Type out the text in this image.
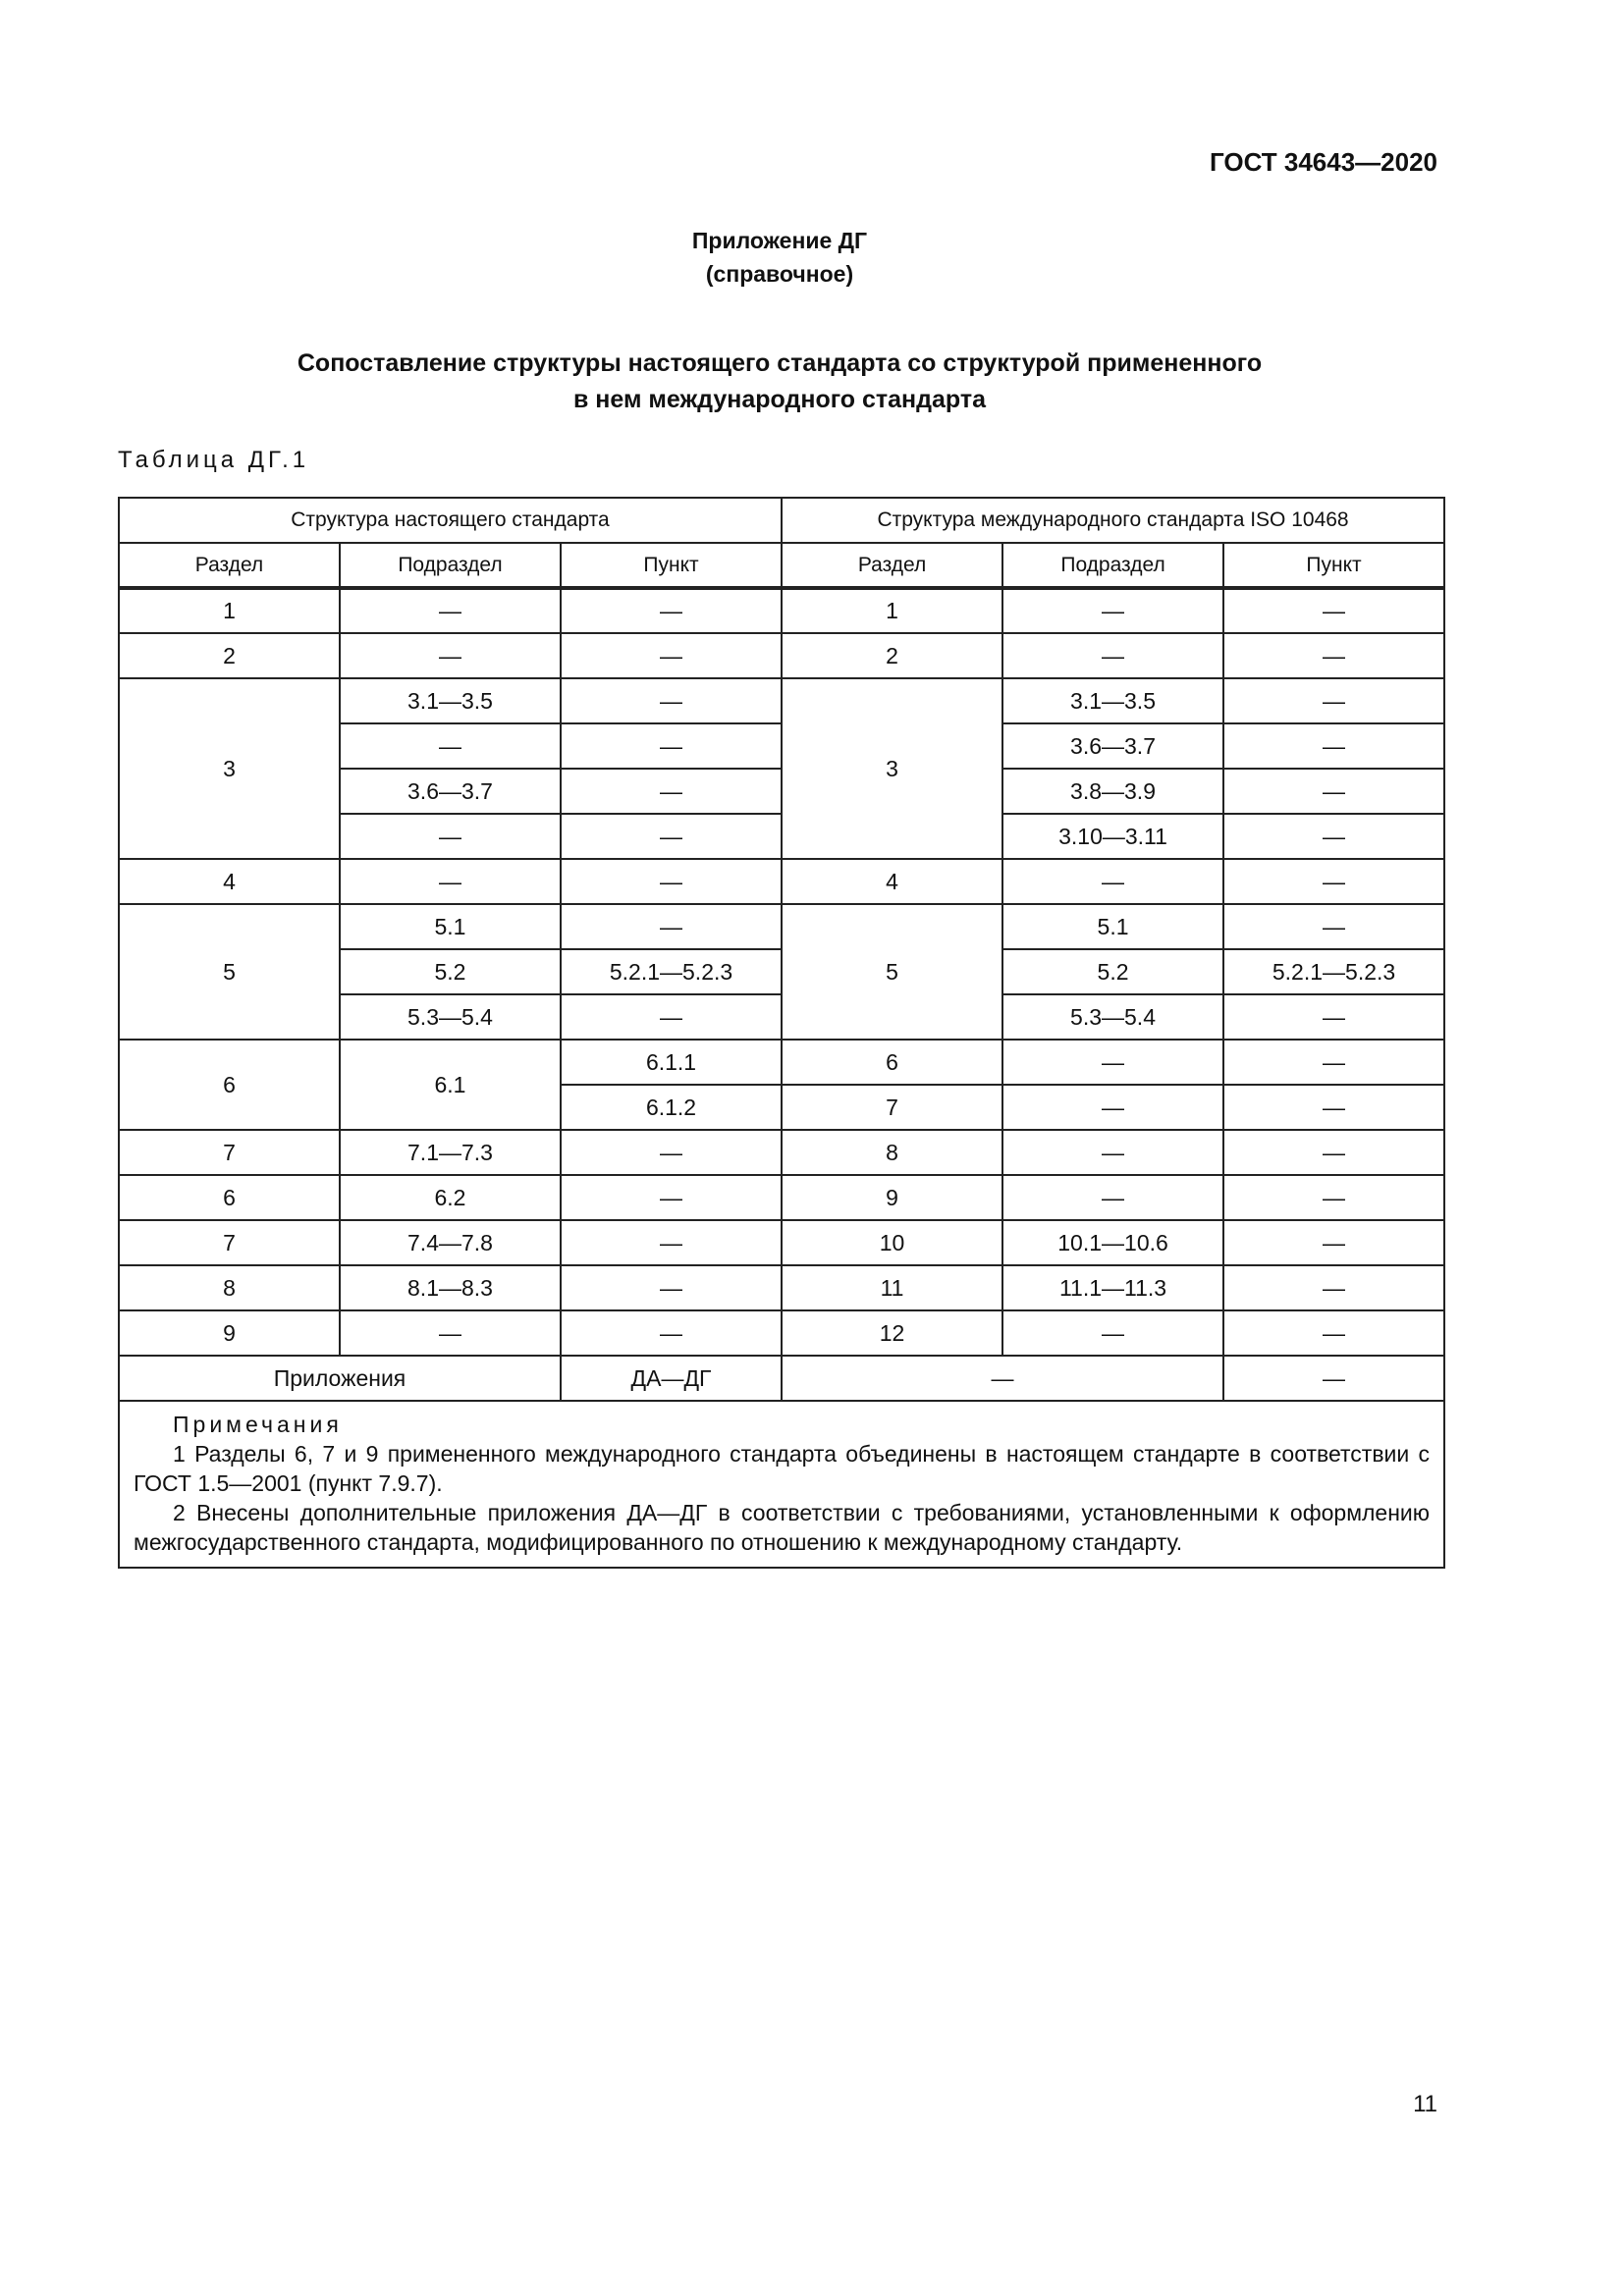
ГОСТ 34643—2020
Приложение ДГ
(справочное)
Сопоставление структуры настоящего стандарта со структурой примененного
в нем международного стандарта
Таблица ДГ.1
Структура настоящего стандарта			Структура международного стандарта ISO 10468		
Раздел	Подраздел	Пункт	Раздел	Подраздел	Пункт
1	—	—	1	—	—
2	—	—	2	—	—
3	3.1—3.5	—	3	3.1—3.5	—
	—	—		3.6—3.7	—
	3.6—3.7	—		3.8—3.9	—
	—	—		3.10—3.11	—
4	—	—	4	—	—
5	5.1	—	5	5.1	—
	5.2	5.2.1—5.2.3		5.2	5.2.1—5.2.3
	5.3—5.4	—		5.3—5.4	—
6	6.1	6.1.1	6	—	—
		6.1.2	7	—	—
7	7.1—7.3	—	8	—	—
6	6.2	—	9	—	—
7	7.4—7.8	—	10	10.1—10.6	—
8	8.1—8.3	—	11	11.1—11.3	—
9	—	—	12	—	—
Приложения		ДА—ДГ	—		—

Примечания
1 Разделы 6, 7 и 9 примененного международного стандарта объединены в настоящем стандарте в соответствии с ГОСТ 1.5—2001 (пункт 7.9.7).
2 Внесены дополнительные приложения ДА—ДГ в соответствии с требованиями, установленными к оформлению межгосударственного стандарта, модифицированного по отношению к международному стандарту.					
11
